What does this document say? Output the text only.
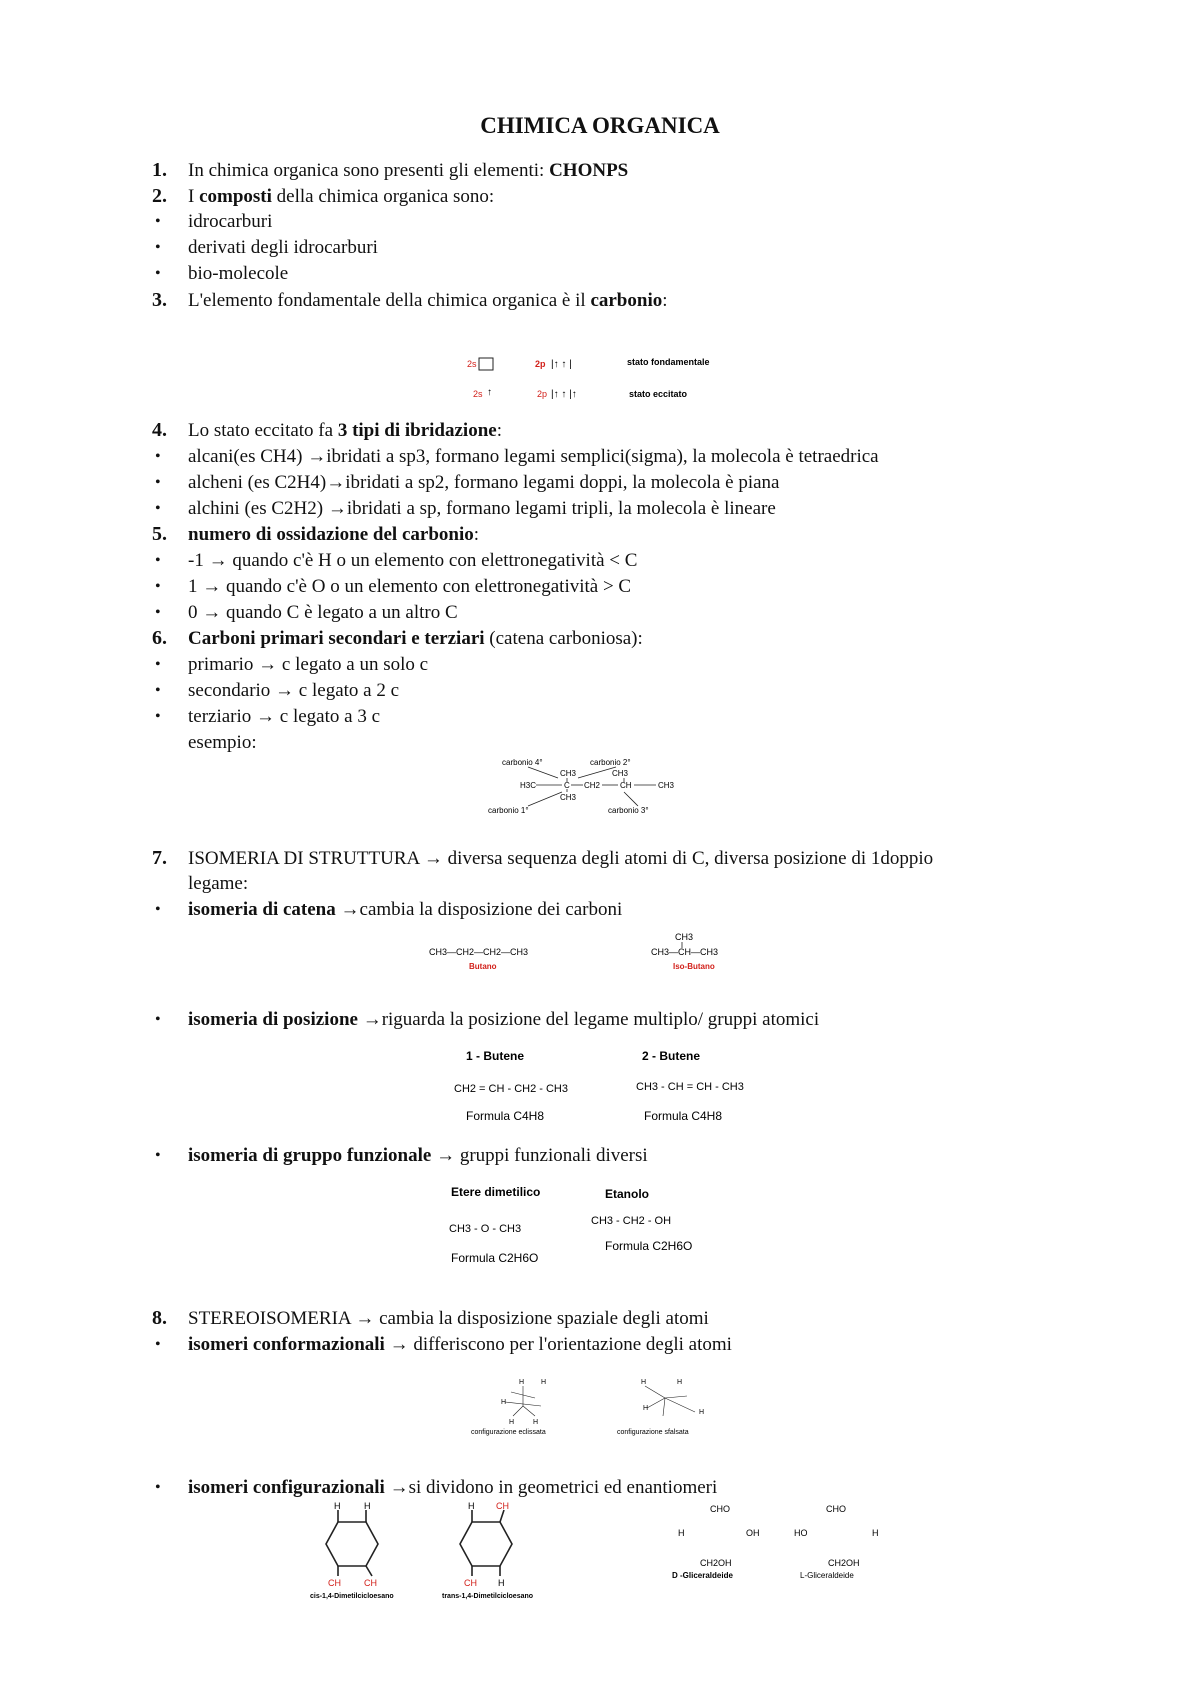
CHIMICA ORGANICA
1. In chimica organica sono presenti gli elementi: CHONPS
2. I composti della chimica organica sono:
• idrocarburi
• derivati degli idrocarburi
• bio-molecole
3. L'elemento fondamentale della chimica organica è il carbonio:
2s	2p |↑ ↑ |	stato fondamentale
2s ↑	2p |↑ ↑ |↑	stato eccitato
4. Lo stato eccitato fa 3 tipi di ibridazione:
• alcani(es CH4) →ibridati a sp3, formano legami semplici(sigma), la molecola è tetraedrica
• alcheni (es C2H4)→ibridati a sp2, formano legami doppi, la molecola è piana
• alchini (es C2H2) →ibridati a sp, formano legami tripli, la molecola è lineare
5. numero di ossidazione del carbonio:
• -1 → quando c'è H o un elemento con elettronegatività < C
• 1 → quando c'è O o un elemento con elettronegatività > C
• 0 → quando C è legato a un altro C
6. Carboni primari secondari e terziari (catena carboniosa):
• primario → c legato a un solo c
• secondario → c legato a 2 c
• terziario → c legato a 3 c
esempio:
carbonio 4°	carbonio 2°
CH3	CH3
H3C	C CH2 CH	CH3
CH3
carbonio 1°	carbonio 3°
7. ISOMERIA DI STRUTTURA → diversa sequenza degli atomi di C, diversa posizione di 1doppio
legame:
• isomeria di catena →cambia la disposizione dei carboni
CH3—CH2—CH2—CH3
Butano
CH3
CH3—CH—CH3
Iso-Butano
• isomeria di posizione →riguarda la posizione del legame multiplo/ gruppi atomici
1 - Butene	2 - Butene
CH2 = CH - CH2 - CH3	CH3 - CH = CH - CH3
Formula C4H8	Formula C4H8
• isomeria di gruppo funzionale → gruppi funzionali diversi
Etere dimetilico	Etanolo
CH3 - O - CH3
CH3 - CH2 - OH
Formula C2H6O
Formula C2H6O
8. STEREOISOMERIA → cambia la disposizione spaziale degli atomi
• isomeri conformazionali → differiscono per l'orientazione degli atomi
H H
H
H	H
H	H
H
H
configurazione eclissata	configurazione sfalsata
• isomeri configurazionali →si dividono in geometrici ed enantiomeri
H	H
CH	CH
H CH
CH H
cis-1,4-Dimetilcicloesano	trans-1,4-Dimetilcicloesano
CHO
H	OH
CH2OH
D -Gliceraldeide
CHO
HO	H
CH2OH
L-Gliceraldeide
